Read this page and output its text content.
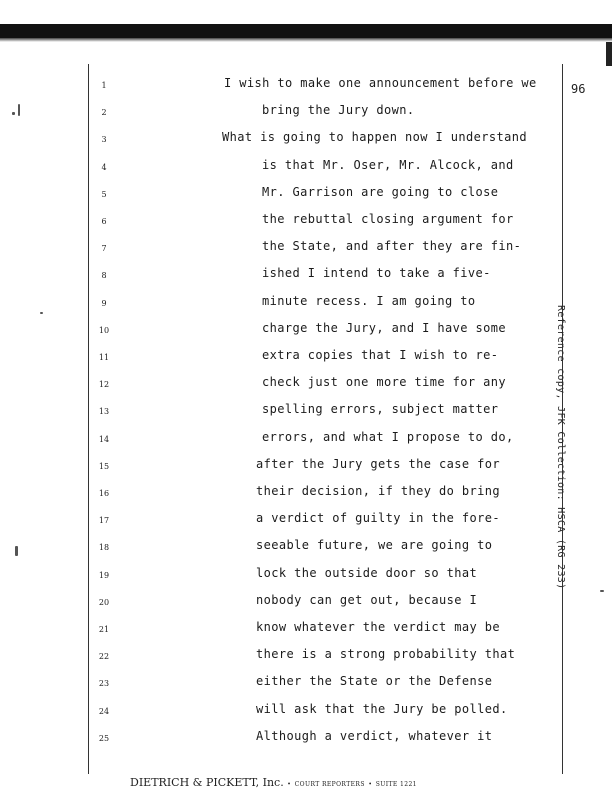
96
1	I wish to make one announcement before we
2	bring the Jury down.
3	What is going to happen now I understand
4	is that Mr. Oser, Mr. Alcock, and
5	Mr. Garrison are going to close
6	the rebuttal closing argument for
7	the State, and after they are fin-
8	ished I intend to take a five-
9	minute recess. I am going to
10	charge the Jury, and I have some
11	extra copies that I wish to re-
12	check just one more time for any
13	spelling errors, subject matter
14	errors, and what I propose to do,
15	after the Jury gets the case for
16	their decision, if they do bring
17	a verdict of guilty in the fore-
18	seeable future, we are going to
19	lock the outside door so that
20	nobody can get out, because I
21	know whatever the verdict may be
22	there is a strong probability that
23	either the State or the Defense
24	will ask that the Jury be polled.
25	Although a verdict, whatever it
Reference copy, JFK Collection: HSCA (RG 233)
DIETRICH & PICKETT, Inc. • COURT REPORTERS • SUITE 1221
